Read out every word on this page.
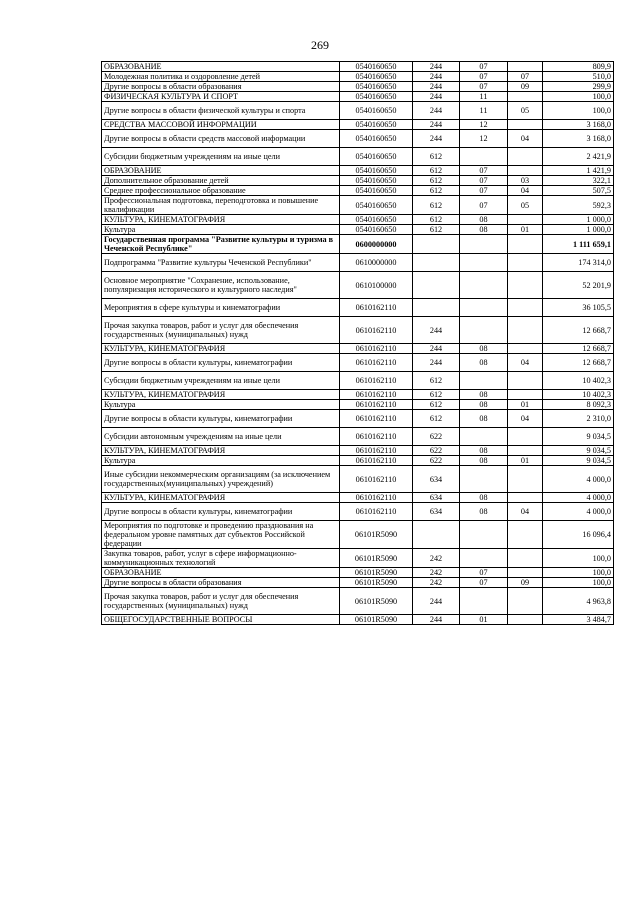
269
ОБРАЗОВАНИЕ	0540160650	244	07		809,9
Молодежная политика и оздоровление детей	0540160650	244	07	07	510,0
Другие вопросы в области образования	0540160650	244	07	09	299,9
ФИЗИЧЕСКАЯ КУЛЬТУРА И СПОРТ	0540160650	244	11		100,0
Другие вопросы в области физической культуры и спорта	0540160650	244	11	05	100,0
СРЕДСТВА МАССОВОЙ ИНФОРМАЦИИ	0540160650	244	12		3 168,0
Другие вопросы в области средств массовой информации	0540160650	244	12	04	3 168,0
Субсидии бюджетным учреждениям на иные цели	0540160650	612			2 421,9
ОБРАЗОВАНИЕ	0540160650	612	07		1 421,9
Дополнительное образование детей	0540160650	612	07	03	322,1
Среднее профессиональное образование	0540160650	612	07	04	507,5
Профессиональная подготовка, переподготовка и повышение квалификации	0540160650	612	07	05	592,3
КУЛЬТУРА, КИНЕМАТОГРАФИЯ	0540160650	612	08		1 000,0
Культура	0540160650	612	08	01	1 000,0
Государственная программа "Развитие культуры и туризма в Чеченской Республике"	0600000000				1 111 659,1
Подпрограмма "Развитие культуры Чеченской Республики"	0610000000				174 314,0
Основное мероприятие "Сохранение, использование, популяризация исторического и культурного наследия"	0610100000				52 201,9
Мероприятия в сфере культуры и кинематографии	0610162110				36 105,5
Прочая закупка товаров, работ и услуг для обеспечения государственных (муниципальных) нужд	0610162110	244			12 668,7
КУЛЬТУРА, КИНЕМАТОГРАФИЯ	0610162110	244	08		12 668,7
Другие вопросы в области культуры, кинематографии	0610162110	244	08	04	12 668,7
Субсидии бюджетным учреждениям на иные цели	0610162110	612			10 402,3
КУЛЬТУРА, КИНЕМАТОГРАФИЯ	0610162110	612	08		10 402,3
Культура	0610162110	612	08	01	8 092,3
Другие вопросы в области культуры, кинематографии	0610162110	612	08	04	2 310,0
Субсидии автономным учреждениям на иные цели	0610162110	622			9 034,5
КУЛЬТУРА, КИНЕМАТОГРАФИЯ	0610162110	622	08		9 034,5
Культура	0610162110	622	08	01	9 034,5
Иные субсидии некоммерческим организациям (за исключением государственных(муниципальных) учреждений)	0610162110	634			4 000,0
КУЛЬТУРА, КИНЕМАТОГРАФИЯ	0610162110	634	08		4 000,0
Другие вопросы в области культуры, кинематографии	0610162110	634	08	04	4 000,0
Мероприятия по подготовке и проведению празднования на федеральном уровне памятных дат субъектов Российской федерации	06101R5090				16 096,4
Закупка товаров, работ, услуг в сфере информационно-коммуникационных технологий	06101R5090	242			100,0
ОБРАЗОВАНИЕ	06101R5090	242	07		100,0
Другие вопросы в области образования	06101R5090	242	07	09	100,0
Прочая закупка товаров, работ и услуг для обеспечения государственных (муниципальных) нужд	06101R5090	244			4 963,8
ОБЩЕГОСУДАРСТВЕННЫЕ ВОПРОСЫ	06101R5090	244	01		3 484,7
